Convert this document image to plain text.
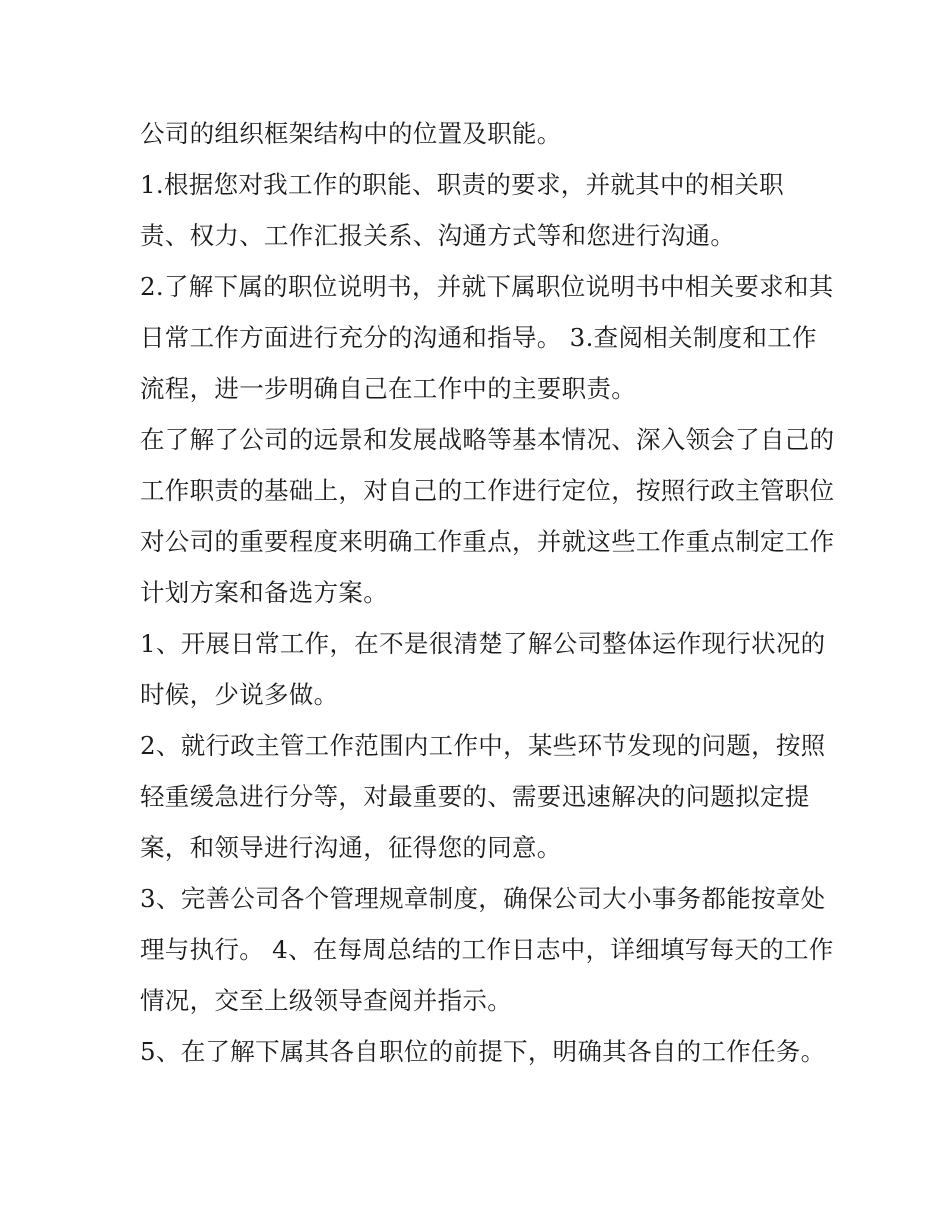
公司的组织框架结构中的位置及职能。

1.根据您对我工作的职能、职责的要求，并就其中的相关职

责、权力、工作汇报关系、沟通方式等和您进行沟通。

2.了解下属的职位说明书，并就下属职位说明书中相关要求和其日常工作方面进行充分的沟通和指导。 3.查阅相关制度和工作流程，进一步明确自己在工作中的主要职责。

在了解了公司的远景和发展战略等基本情况、深入领会了自己的工作职责的基础上，对自己的工作进行定位，按照行政主管职位对公司的重要程度来明确工作重点，并就这些工作重点制定工作计划方案和备选方案。

1、开展日常工作，在不是很清楚了解公司整体运作现行状况的时候，少说多做。

2、就行政主管工作范围内工作中，某些环节发现的问题，按照轻重缓急进行分等，对最重要的、需要迅速解决的问题拟定提案，和领导进行沟通，征得您的同意。

3、完善公司各个管理规章制度，确保公司大小事务都能按章处理与执行。 4、在每周总结的工作日志中，详细填写每天的工作情况，交至上级领导查阅并指示。

5、在了解下属其各自职位的前提下，明确其各自的工作任务。
